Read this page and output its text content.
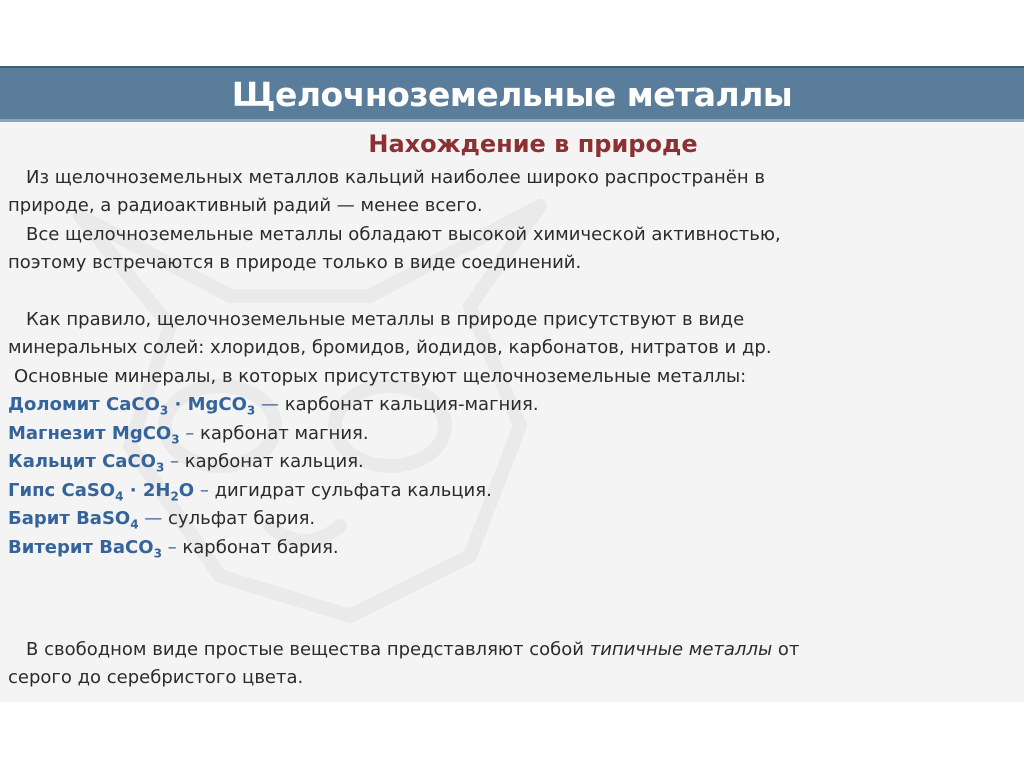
Щелочноземельные металлы
Нахождение в природе
Из щелочноземельных металлов кальций наиболее широко распространён в
природе, а радиоактивный радий — менее всего.
Все щелочноземельные металлы обладают высокой химической активностью,
поэтому встречаются в природе только в виде соединений.
Как правило, щелочноземельные металлы в природе присутствуют в виде
минеральных солей: хлоридов, бромидов, йодидов, карбонатов, нитратов и др.
Основные минералы, в которых присутствуют щелочноземельные металлы:
Доломит CaCO$_3$ · MgCO$_3$ — карбонат кальция-магния.
Магнезит MgCO$_3$ – карбонат магния.
Кальцит CaCO$_3$ – карбонат кальция.
Гипс CaSO$_4$ · $2H_2O$ – дигидрат сульфата кальция.
Барит BaSO$_4$ — сульфат бария.
Витерит BaCO$_3$ – карбонат бария.
В свободном виде простые вещества представляют собой типичные металлы от
серого до серебристого цвета.
